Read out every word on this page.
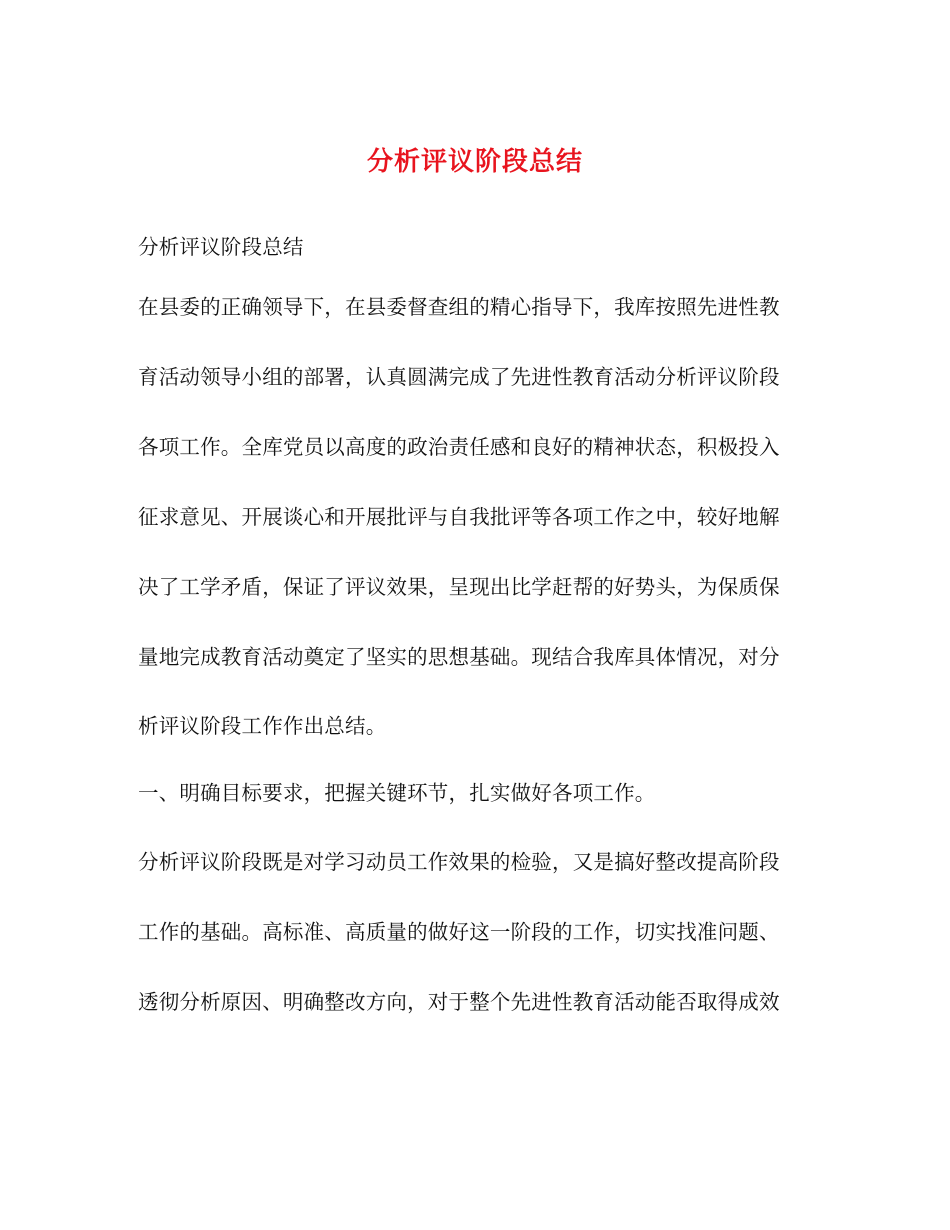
分析评议阶段总结
分析评议阶段总结
在县委的正确领导下，在县委督查组的精心指导下，我库按照先进性教
育活动领导小组的部署，认真圆满完成了先进性教育活动分析评议阶段
各项工作。全库党员以高度的政治责任感和良好的精神状态，积极投入
征求意见、开展谈心和开展批评与自我批评等各项工作之中，较好地解
决了工学矛盾，保证了评议效果，呈现出比学赶帮的好势头，为保质保
量地完成教育活动奠定了坚实的思想基础。现结合我库具体情况，对分
析评议阶段工作作出总结。
一、明确目标要求，把握关键环节，扎实做好各项工作。
分析评议阶段既是对学习动员工作效果的检验，又是搞好整改提高阶段
工作的基础。高标准、高质量的做好这一阶段的工作，切实找准问题、
透彻分析原因、明确整改方向，对于整个先进性教育活动能否取得成效
